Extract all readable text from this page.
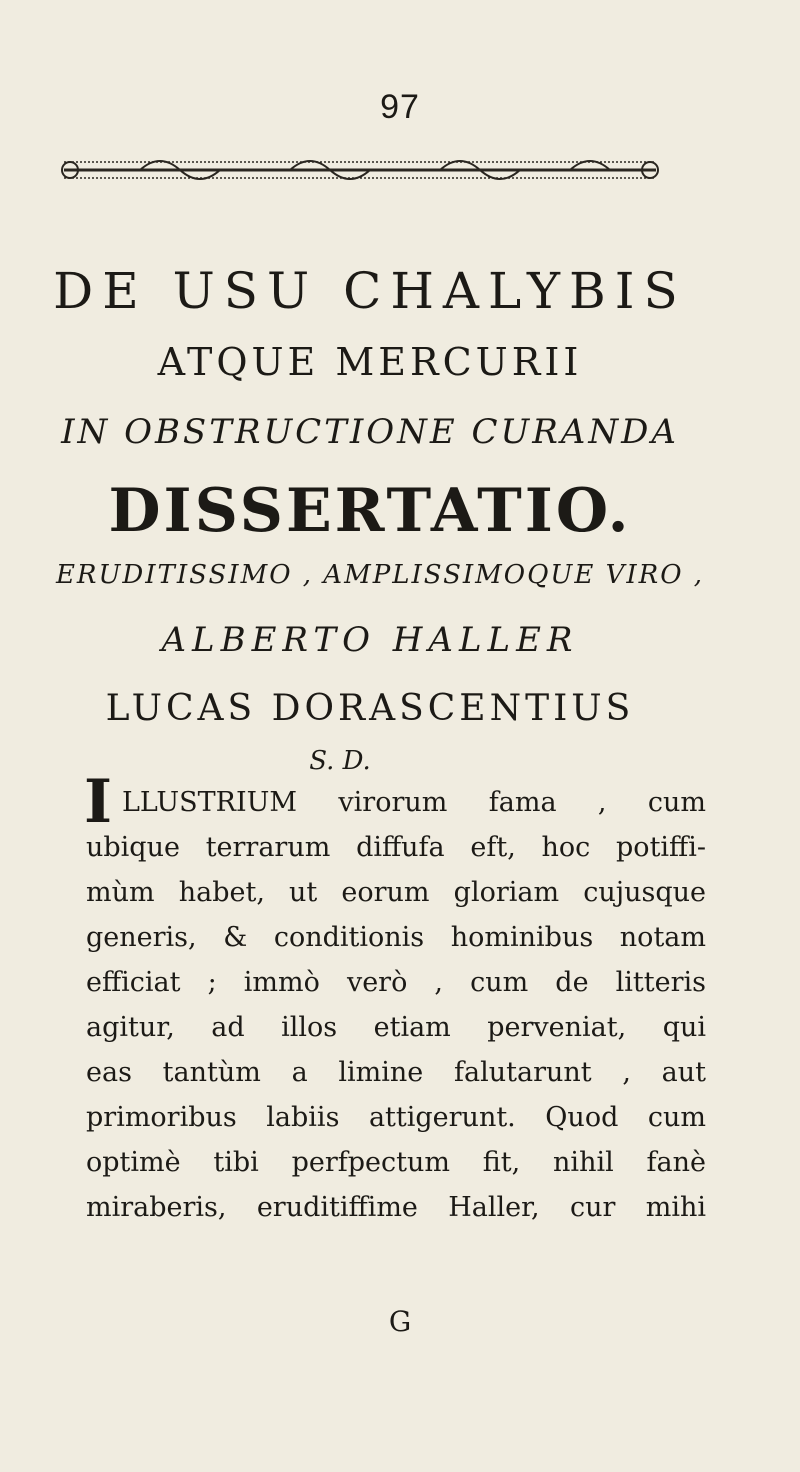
97
DE USU CHALYBIS
ATQUE MERCURII
IN OBSTRUCTIONE CURANDA
DISSERTATIO.
ERUDITISSIMO , AMPLISSIMOQUE VIRO ,
ALBERTO HALLER
LUCAS DORASCENTIUS
S. D.
I LLUSTRIUM virorum fama , cum
ubique terrarum diffufa eft, hoc potiffi-
mùm habet, ut eorum gloriam cujusque
generis, & conditionis hominibus notam
efficiat ; immò verò , cum de litteris
agitur, ad illos etiam perveniat, qui
eas tantùm a limine falutarunt , aut
primoribus labiis attigerunt. Quod cum
optimè tibi perfpectum fit, nihil fanè
miraberis, eruditiffime Haller, cur mihi
G
